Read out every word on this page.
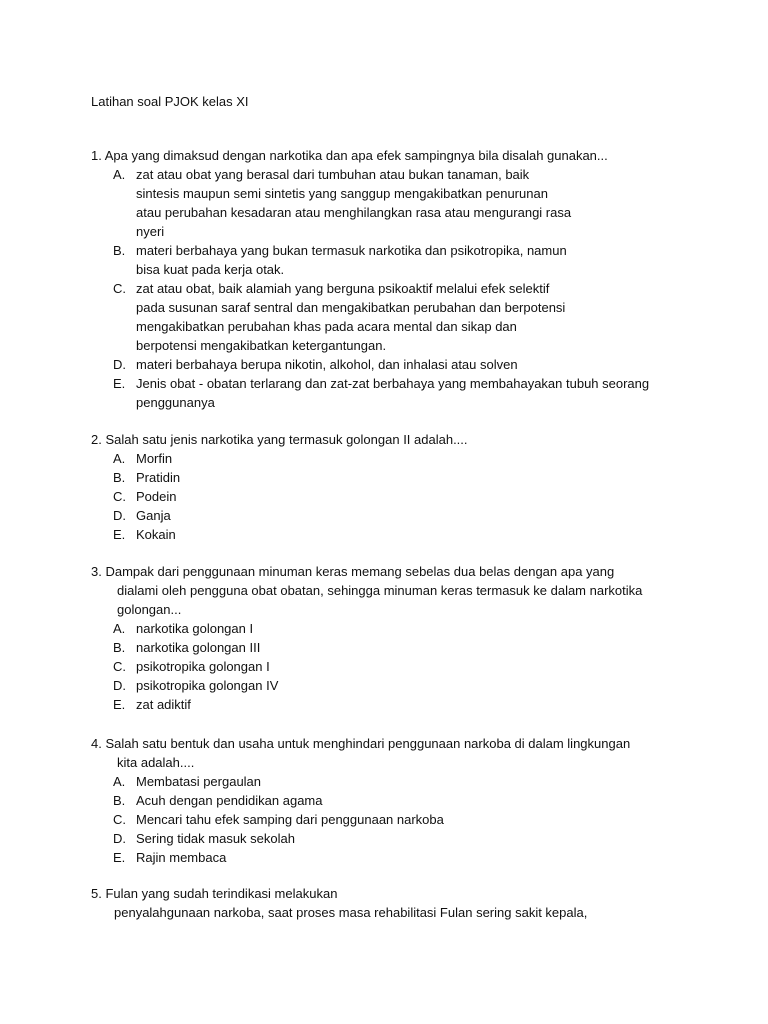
Latihan soal PJOK kelas XI
1. Apa yang dimaksud dengan narkotika dan apa efek sampingnya bila disalah gunakan...
A. zat atau obat yang berasal dari tumbuhan atau bukan tanaman, baik
sintesis maupun semi sintetis yang sanggup mengakibatkan penurunan
atau perubahan kesadaran atau menghilangkan rasa atau mengurangi rasa
nyeri
B. materi berbahaya yang bukan termasuk narkotika dan psikotropika, namun
bisa kuat pada kerja otak.
C. zat atau obat, baik alamiah yang berguna psikoaktif melalui efek selektif
pada susunan saraf sentral dan mengakibatkan perubahan dan berpotensi
mengakibatkan perubahan khas pada acara mental dan sikap dan
berpotensi mengakibatkan ketergantungan.
D. materi berbahaya berupa nikotin, alkohol, dan inhalasi atau solven
E. Jenis obat - obatan terlarang dan zat-zat berbahaya yang membahayakan tubuh seorang
penggunanya
2. Salah satu jenis narkotika yang termasuk golongan II adalah....
A. Morfin
B. Pratidin
C. Podein
D. Ganja
E. Kokain
3. Dampak dari penggunaan minuman keras memang sebelas dua belas dengan apa yang
dialami oleh pengguna obat obatan, sehingga minuman keras termasuk ke dalam narkotika
golongan...
A. narkotika golongan I
B. narkotika golongan III
C. psikotropika golongan I
D. psikotropika golongan IV
E. zat adiktif
4. Salah satu bentuk dan usaha untuk menghindari penggunaan narkoba di dalam lingkungan
kita adalah....
A. Membatasi pergaulan
B. Acuh dengan pendidikan agama
C. Mencari tahu efek samping dari penggunaan narkoba
D. Sering tidak masuk sekolah
E. Rajin membaca
5. Fulan yang sudah terindikasi melakukan
penyalahgunaan narkoba, saat proses masa rehabilitasi Fulan sering sakit kepala,
